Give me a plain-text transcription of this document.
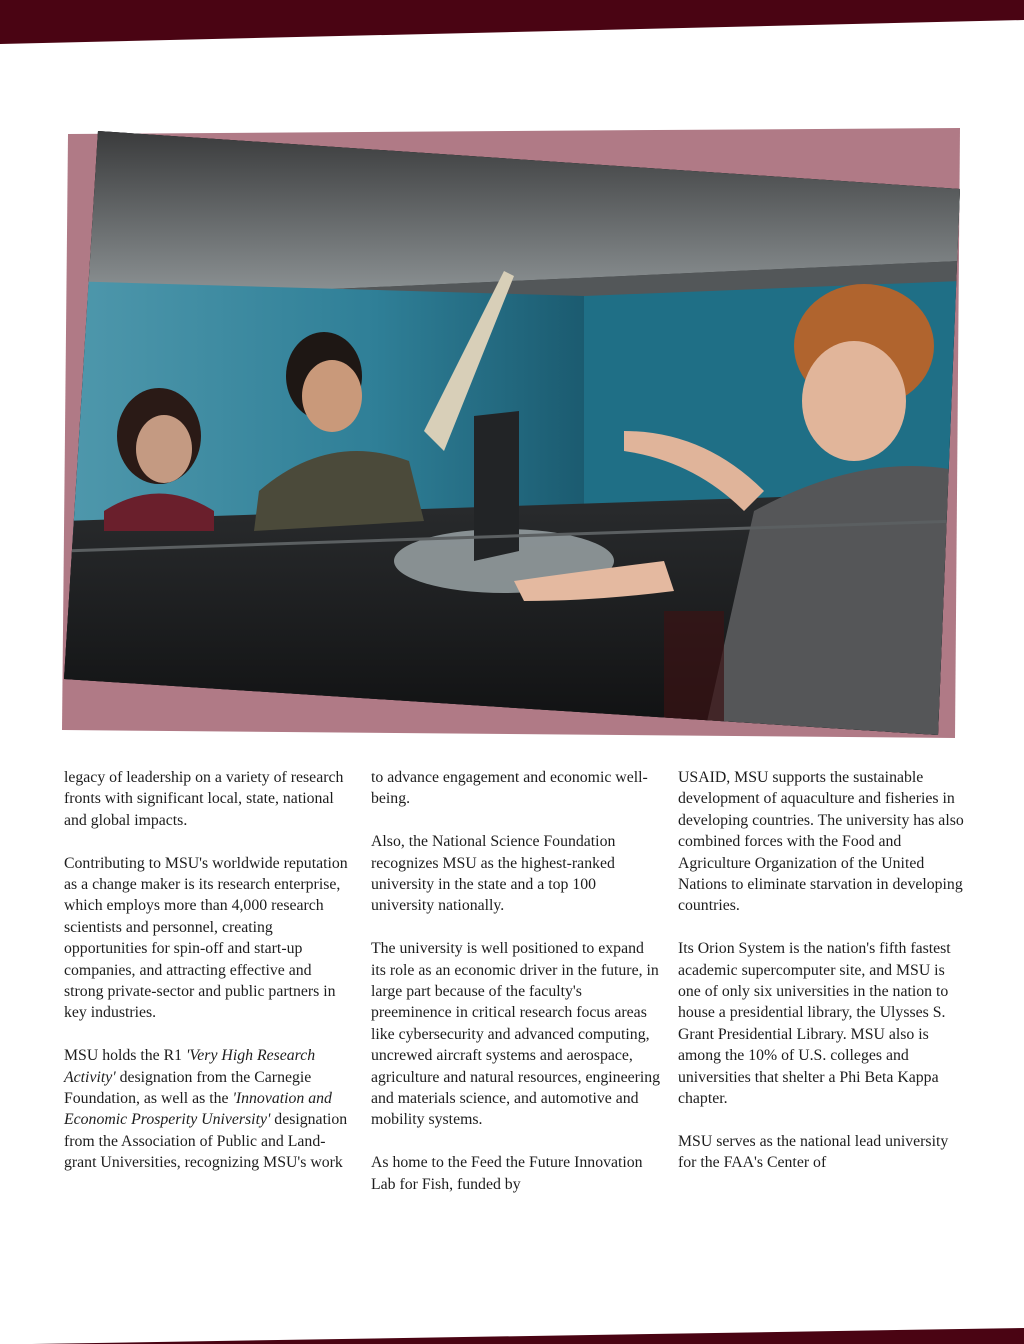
legacy of leadership on a variety of research fronts with significant local, state, national and global impacts.

Contributing to MSU's worldwide reputation as a change maker is its research enterprise, which employs more than 4,000 research scientists and personnel, creating opportunities for spin-off and start-up companies, and attracting effective and strong private-sector and public partners in key industries.

MSU holds the R1 'Very High Research Activity' designation from the Carnegie Foundation, as well as the 'Innovation and Economic Prosperity University' designation from the Association of Public and Land-grant Universities, recognizing MSU's work

to advance engagement and economic well-being.

Also, the National Science Foundation recognizes MSU as the highest-ranked university in the state and a top 100 university nationally.

The university is well positioned to expand its role as an economic driver in the future, in large part because of the faculty's preeminence in critical research focus areas like cybersecurity and advanced computing, uncrewed aircraft systems and aerospace, agriculture and natural resources, engineering and materials science, and automotive and mobility systems.

As home to the Feed the Future Innovation Lab for Fish, funded by

USAID, MSU supports the sustainable development of aquaculture and fisheries in developing countries. The university has also combined forces with the Food and Agriculture Organization of the United Nations to eliminate starvation in developing countries.

Its Orion System is the nation's fifth fastest academic supercomputer site, and MSU is one of only six universities in the nation to house a presidential library, the Ulysses S. Grant Presidential Library. MSU also is among the 10% of U.S. colleges and universities that shelter a Phi Beta Kappa chapter.

MSU serves as the national lead university for the FAA's Center of
